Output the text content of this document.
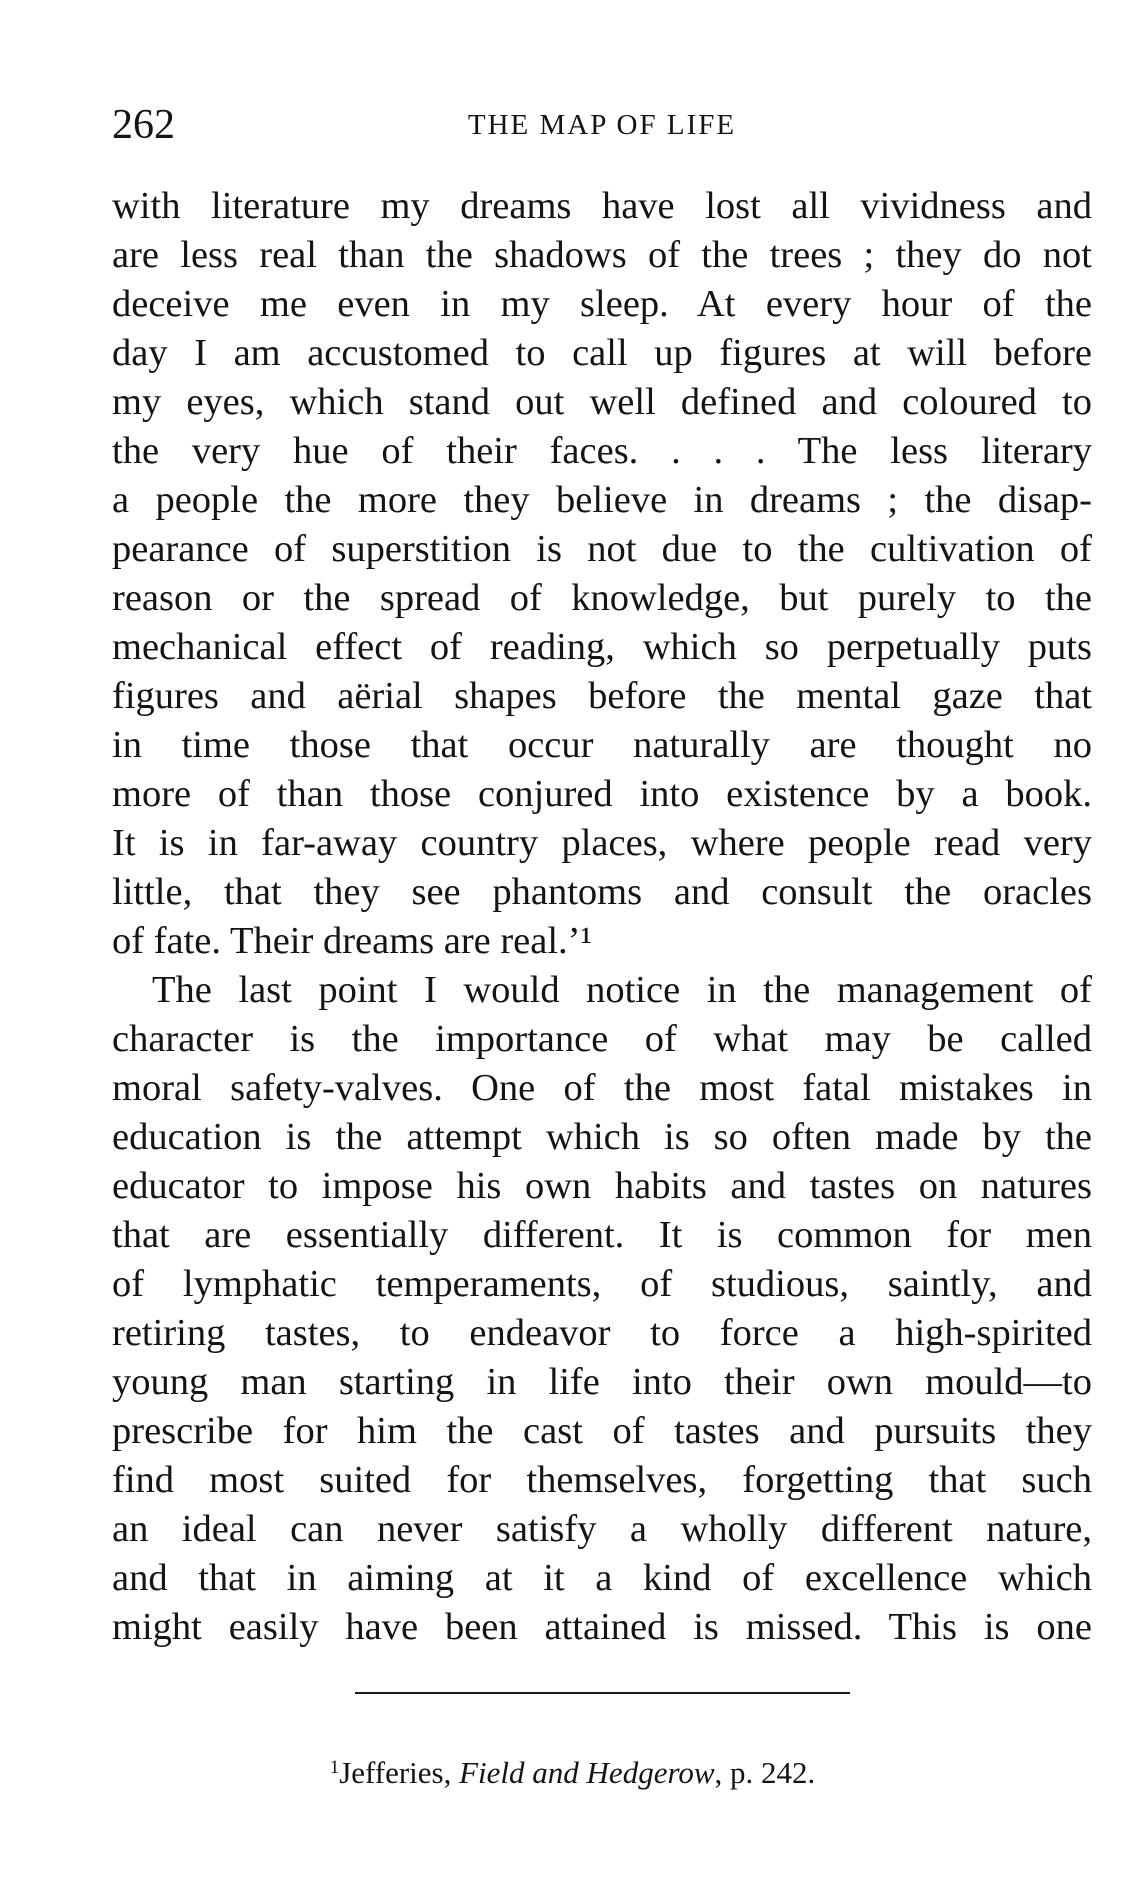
262	THE MAP OF LIFE
with literature my dreams have lost all vividness and
are less real than the shadows of the trees ; they do not
deceive me even in my sleep. At every hour of the
day I am accustomed to call up figures at will before
my eyes, which stand out well defined and coloured to
the very hue of their faces. . . . The less literary
a people the more they believe in dreams ; the disap-
pearance of superstition is not due to the cultivation of
reason or the spread of knowledge, but purely to the
mechanical effect of reading, which so perpetually puts
figures and aërial shapes before the mental gaze that
in time those that occur naturally are thought no
more of than those conjured into existence by a book.
It is in far-away country places, where people read very
little, that they see phantoms and consult the oracles
of fate. Their dreams are real.’¹
The last point I would notice in the management of
character is the importance of what may be called
moral safety-valves. One of the most fatal mistakes in
education is the attempt which is so often made by the
educator to impose his own habits and tastes on natures
that are essentially different. It is common for men
of lymphatic temperaments, of studious, saintly, and
retiring tastes, to endeavor to force a high-spirited
young man starting in life into their own mould—to
prescribe for him the cast of tastes and pursuits they
find most suited for themselves, forgetting that such
an ideal can never satisfy a wholly different nature,
and that in aiming at it a kind of excellence which
might easily have been attained is missed. This is one
$^1$Jefferies, Field and Hedgerow, p. 242.
